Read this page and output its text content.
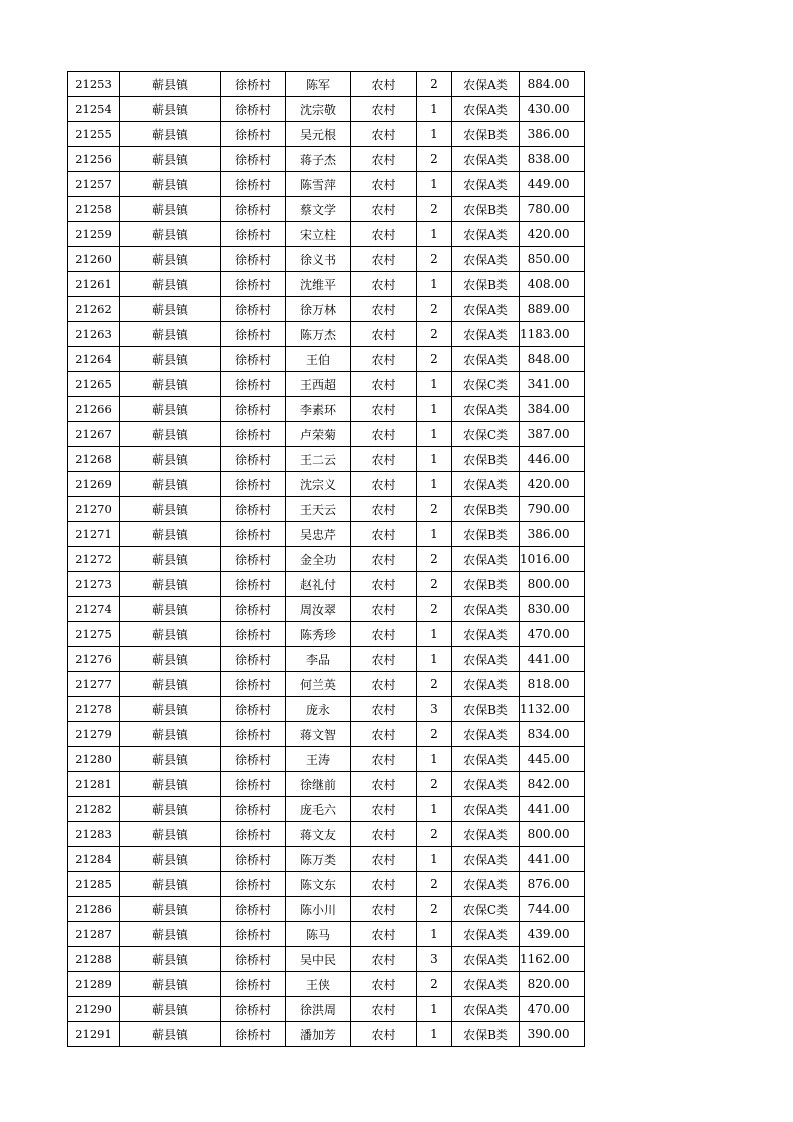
21253	蕲县镇	徐桥村	陈军	农村	2	农保A类	884.00
21254	蕲县镇	徐桥村	沈宗敬	农村	1	农保A类	430.00
21255	蕲县镇	徐桥村	吴元根	农村	1	农保B类	386.00
21256	蕲县镇	徐桥村	蒋子杰	农村	2	农保A类	838.00
21257	蕲县镇	徐桥村	陈雪萍	农村	1	农保A类	449.00
21258	蕲县镇	徐桥村	蔡文学	农村	2	农保B类	780.00
21259	蕲县镇	徐桥村	宋立柱	农村	1	农保A类	420.00
21260	蕲县镇	徐桥村	徐义书	农村	2	农保A类	850.00
21261	蕲县镇	徐桥村	沈维平	农村	1	农保B类	408.00
21262	蕲县镇	徐桥村	徐万林	农村	2	农保A类	889.00
21263	蕲县镇	徐桥村	陈万杰	农村	2	农保A类	1183.00
21264	蕲县镇	徐桥村	王伯	农村	2	农保A类	848.00
21265	蕲县镇	徐桥村	王西超	农村	1	农保C类	341.00
21266	蕲县镇	徐桥村	李素环	农村	1	农保A类	384.00
21267	蕲县镇	徐桥村	卢荣菊	农村	1	农保C类	387.00
21268	蕲县镇	徐桥村	王二云	农村	1	农保B类	446.00
21269	蕲县镇	徐桥村	沈宗义	农村	1	农保A类	420.00
21270	蕲县镇	徐桥村	王天云	农村	2	农保B类	790.00
21271	蕲县镇	徐桥村	吴忠芹	农村	1	农保B类	386.00
21272	蕲县镇	徐桥村	金全功	农村	2	农保A类	1016.00
21273	蕲县镇	徐桥村	赵礼付	农村	2	农保B类	800.00
21274	蕲县镇	徐桥村	周汝翠	农村	2	农保A类	830.00
21275	蕲县镇	徐桥村	陈秀珍	农村	1	农保A类	470.00
21276	蕲县镇	徐桥村	李品	农村	1	农保A类	441.00
21277	蕲县镇	徐桥村	何兰英	农村	2	农保A类	818.00
21278	蕲县镇	徐桥村	庞永	农村	3	农保B类	1132.00
21279	蕲县镇	徐桥村	蒋文智	农村	2	农保A类	834.00
21280	蕲县镇	徐桥村	王涛	农村	1	农保A类	445.00
21281	蕲县镇	徐桥村	徐继前	农村	2	农保A类	842.00
21282	蕲县镇	徐桥村	庞毛六	农村	1	农保A类	441.00
21283	蕲县镇	徐桥村	蒋文友	农村	2	农保A类	800.00
21284	蕲县镇	徐桥村	陈万类	农村	1	农保A类	441.00
21285	蕲县镇	徐桥村	陈文东	农村	2	农保A类	876.00
21286	蕲县镇	徐桥村	陈小川	农村	2	农保C类	744.00
21287	蕲县镇	徐桥村	陈马	农村	1	农保A类	439.00
21288	蕲县镇	徐桥村	吴中民	农村	3	农保A类	1162.00
21289	蕲县镇	徐桥村	王侠	农村	2	农保A类	820.00
21290	蕲县镇	徐桥村	徐洪周	农村	1	农保A类	470.00
21291	蕲县镇	徐桥村	潘加芳	农村	1	农保B类	390.00
